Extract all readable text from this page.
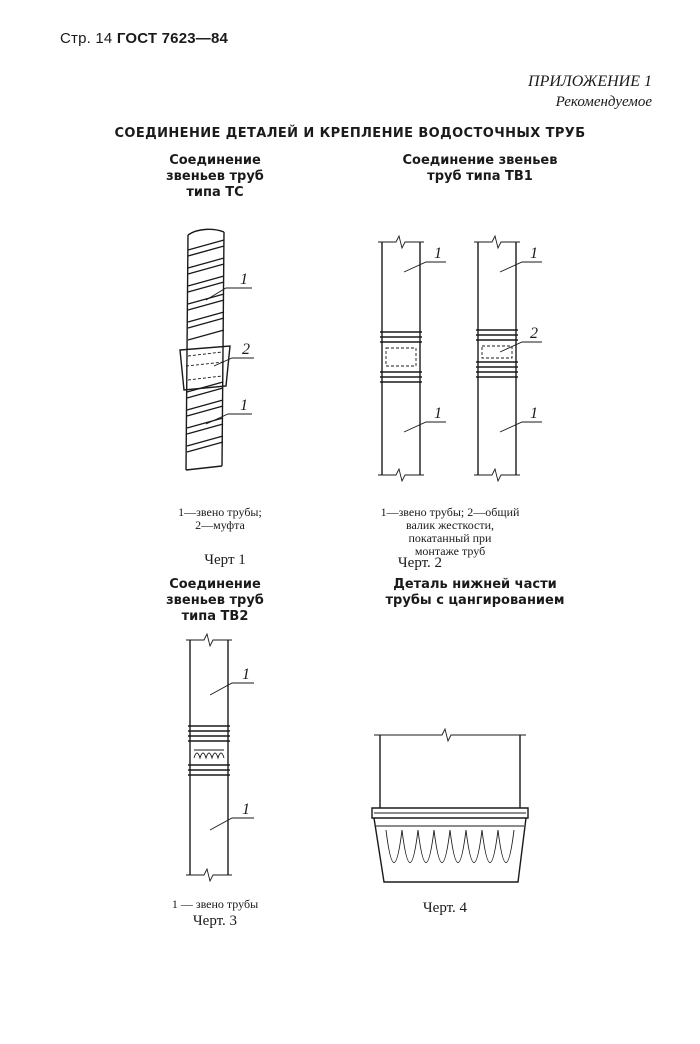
Стр. 14 ГОСТ 7623—84
ПРИЛОЖЕНИЕ 1
Рекомендуемое
СОЕДИНЕНИЕ ДЕТАЛЕЙ И КРЕПЛЕНИЕ ВОДОСТОЧНЫХ ТРУБ
Соединение
звеньев труб
типа ТС
1
2
1
1—звено трубы;
2—муфта
Черт 1
Соединение звеньев
труб типа ТВ1
1
1
1
2
1
1—звено трубы; 2—общий
валик жесткости,
покатанный при
монтаже труб
Черт. 2
Соединение
звеньев труб
типа ТВ2
1
1
1 — звено трубы
Черт. 3
Деталь нижней части
трубы с цангированием
Черт. 4
